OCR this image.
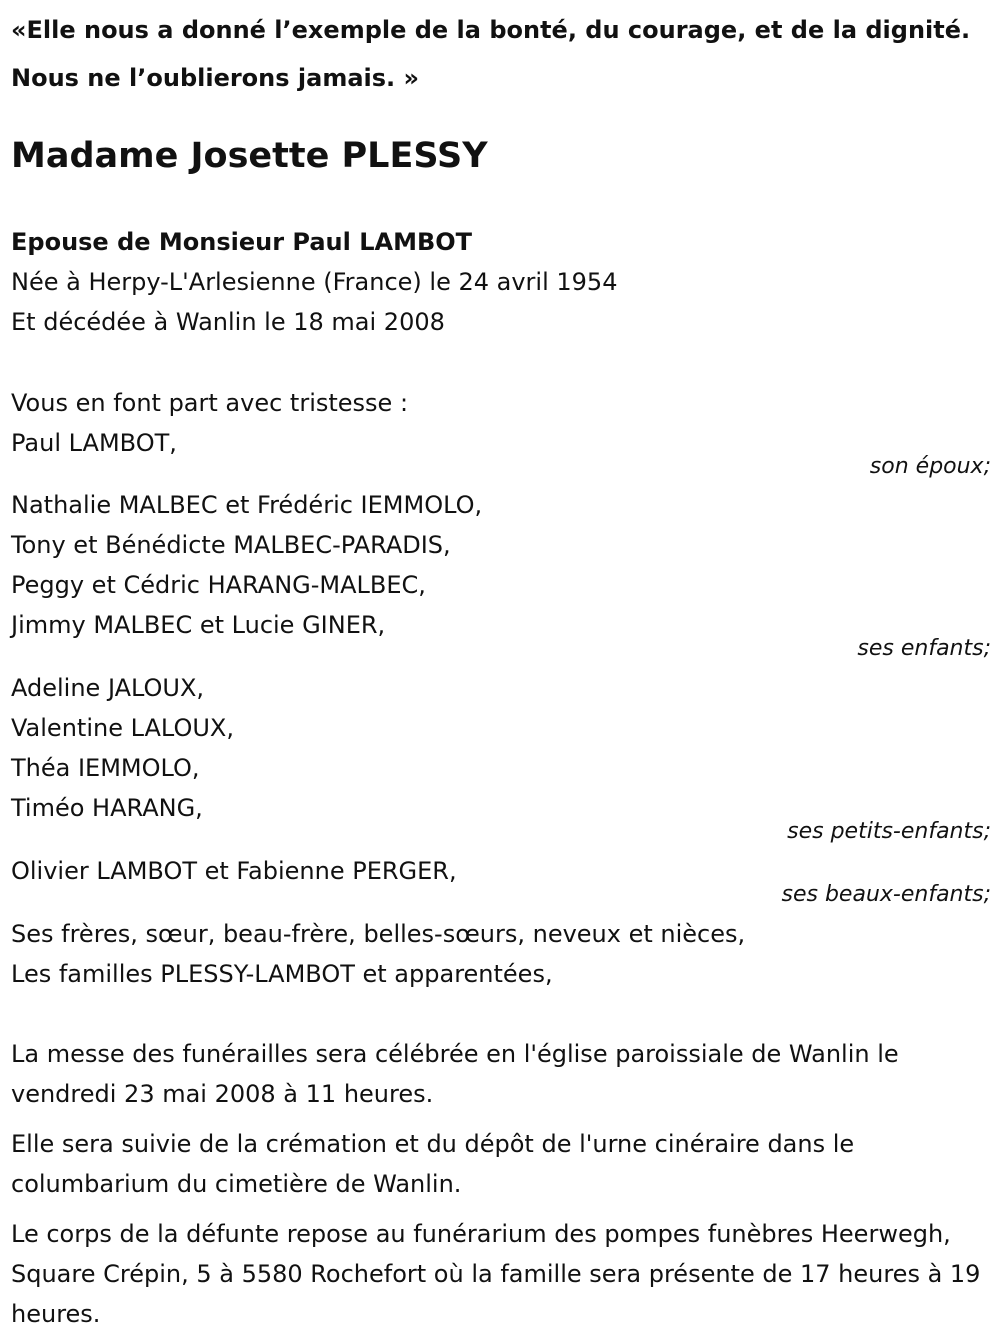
«Elle nous a donné l’exemple de la bonté, du courage, et de la dignité. Nous ne l’oublierons jamais. »
Madame Josette PLESSY
Epouse de Monsieur Paul LAMBOT
Née à Herpy-L'Arlesienne (France) le 24 avril 1954
Et décédée à Wanlin le 18 mai 2008
Vous en font part avec tristesse :
Paul LAMBOT,
son époux;
Nathalie MALBEC et Frédéric IEMMOLO,
Tony et Bénédicte MALBEC-PARADIS,
Peggy et Cédric HARANG-MALBEC,
Jimmy MALBEC et Lucie GINER,
ses enfants;
Adeline JALOUX,
Valentine LALOUX,
Théa IEMMOLO,
Timéo HARANG,
ses petits-enfants;
Olivier LAMBOT et Fabienne PERGER,
ses beaux-enfants;
Ses frères, sœur, beau-frère, belles-sœurs, neveux et nièces,
Les familles PLESSY-LAMBOT et apparentées,
La messe des funérailles sera célébrée en l'église paroissiale de Wanlin le vendredi 23 mai 2008 à 11 heures.
Elle sera suivie de la crémation et du dépôt de l'urne cinéraire dans le columbarium du cimetière de Wanlin.
Le corps de la défunte repose au funérarium des pompes funèbres Heerwegh, Square Crépin, 5 à 5580 Rochefort où la famille sera présente de 17 heures à 19 heures.
